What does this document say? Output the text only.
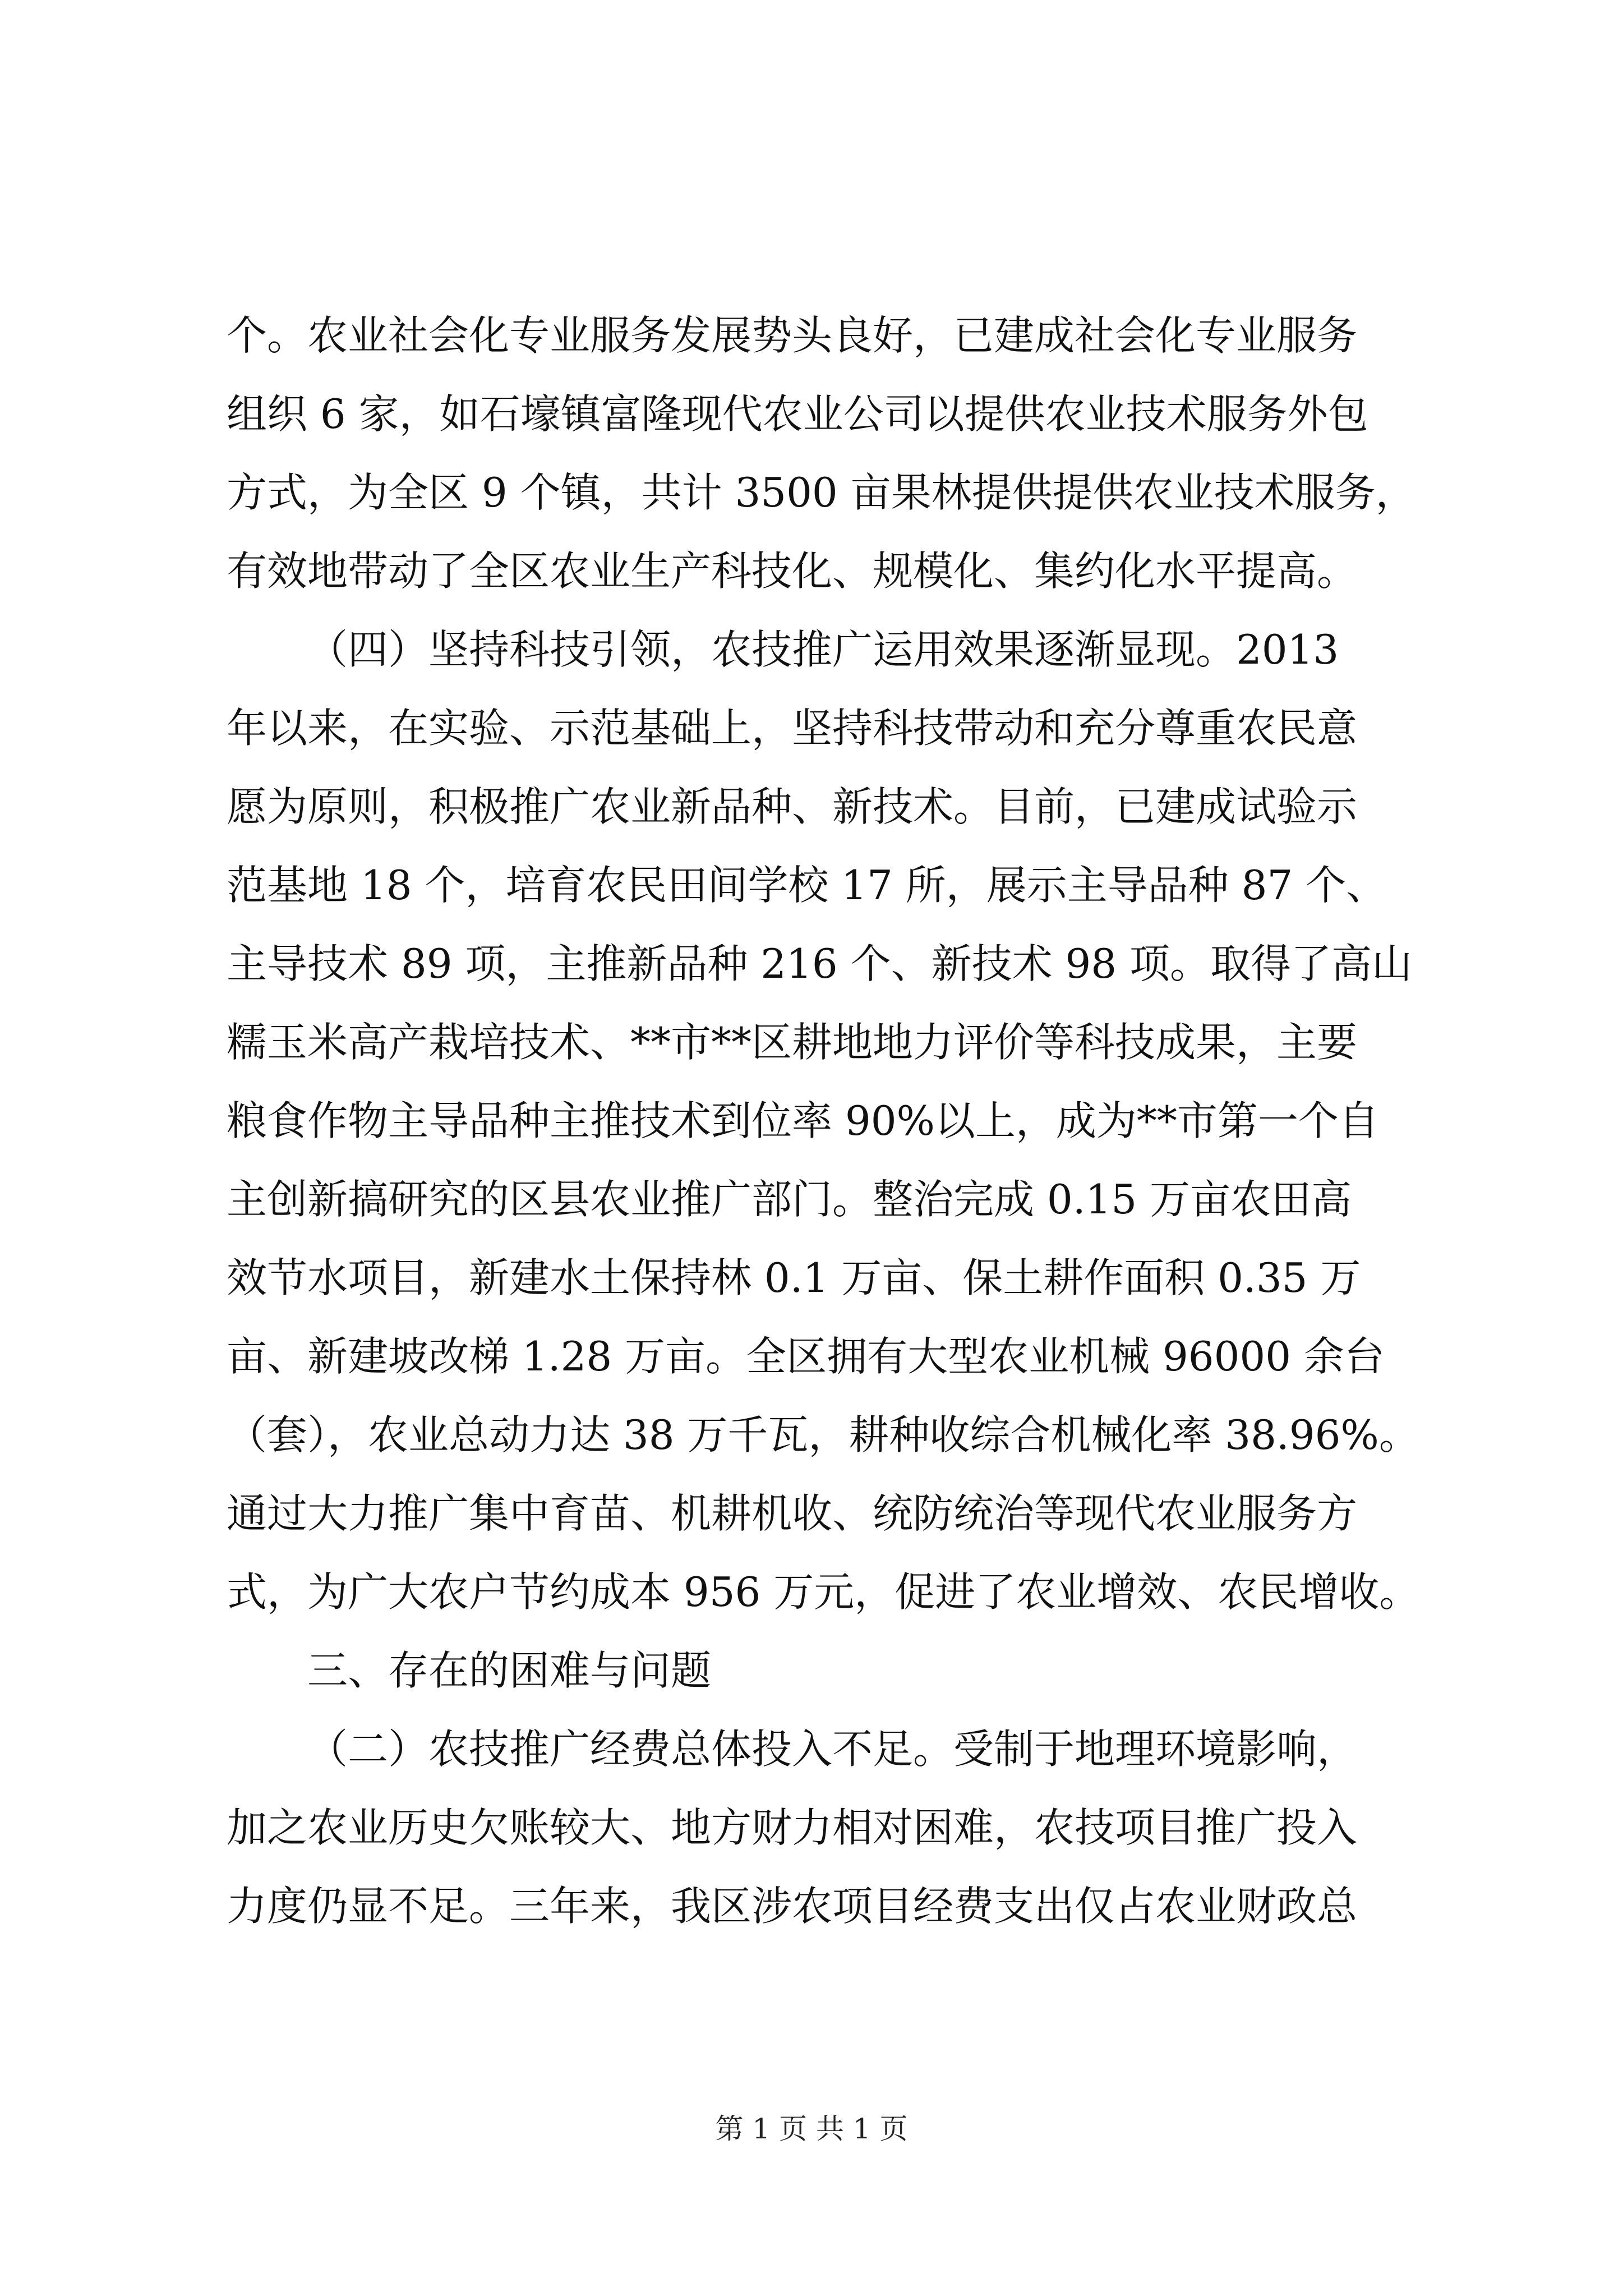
个。农业社会化专业服务发展势头良好，已建成社会化专业服务
组织 6 家，如石壕镇富隆现代农业公司以提供农业技术服务外包
方式，为全区 9 个镇，共计 3500 亩果林提供提供农业技术服务，
有效地带动了全区农业生产科技化、规模化、集约化水平提高。
（四）坚持科技引领，农技推广运用效果逐渐显现。2013
年以来，在实验、示范基础上，坚持科技带动和充分尊重农民意
愿为原则，积极推广农业新品种、新技术。目前，已建成试验示
范基地 18 个，培育农民田间学校 17 所，展示主导品种 87 个、
主导技术 89 项，主推新品种 216 个、新技术 98 项。取得了高山
糯玉米高产栽培技术、**市**区耕地地力评价等科技成果，主要
粮食作物主导品种主推技术到位率 90%以上，成为**市第一个自
主创新搞研究的区县农业推广部门。整治完成 0.15 万亩农田高
效节水项目，新建水土保持林 0.1 万亩、保土耕作面积 0.35 万
亩、新建坡改梯 1.28 万亩。全区拥有大型农业机械 96000 余台
（套），农业总动力达 38 万千瓦，耕种收综合机械化率 38.96%。
通过大力推广集中育苗、机耕机收、统防统治等现代农业服务方
式，为广大农户节约成本 956 万元，促进了农业增效、农民增收。
三、存在的困难与问题
（二）农技推广经费总体投入不足。受制于地理环境影响，
加之农业历史欠账较大、地方财力相对困难，农技项目推广投入
力度仍显不足。三年来，我区涉农项目经费支出仅占农业财政总
第 1 页 共 1 页
